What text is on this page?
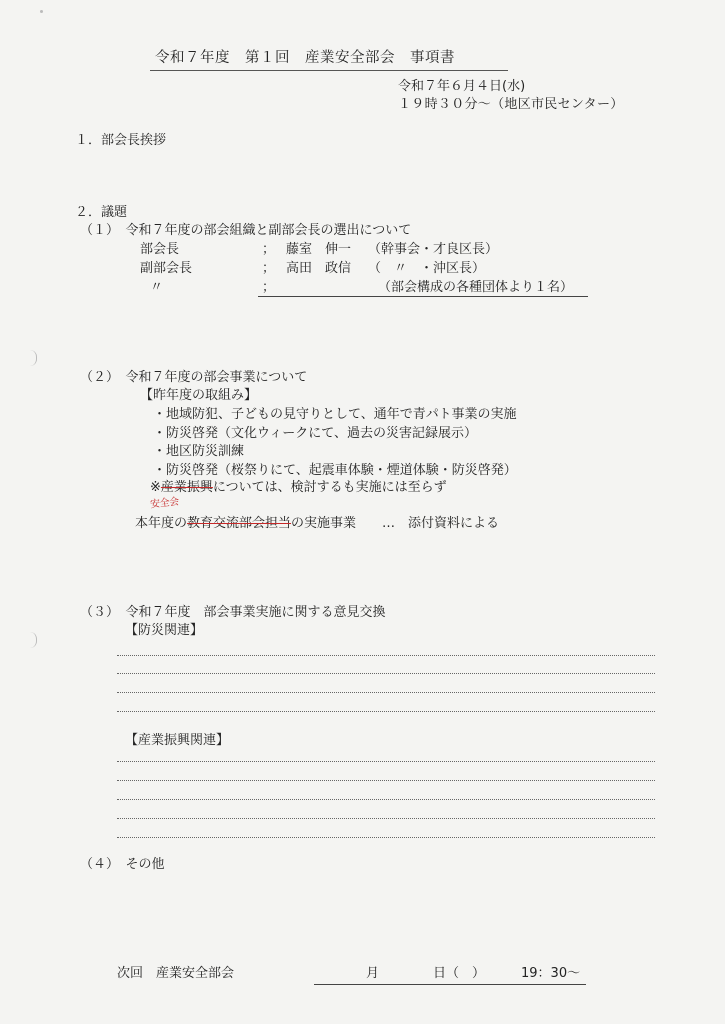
令和７年度　第１回　産業安全部会　事項書
令和７年６月４日(水)
１９時３０分～（地区市民センター）
１．部会長挨拶
２．議題
（１）　令和７年度の部会組織と副部会長の選出について
部会長	； 藤室　伸一 （幹事会・才良区長）
副部会長	； 高田　政信 （　〃　・沖区長）
〃	；	（部会構成の各種団体より１名）
（２）　令和７年度の部会事業について
【昨年度の取組み】
・地域防犯、子どもの見守りとして、通年で青パト事業の実施
・防災啓発（文化ウィークにて、過去の災害記録展示）
・地区防災訓練
・防災啓発（桜祭りにて、起震車体験・煙道体験・防災啓発）
※産業振興については、検討するも実施には至らず
安全会
本年度の教育交流部会担当の実施事業　　…　添付資料による
（３）　令和７年度　部会事業実施に関する意見交換
【防災関連】
【産業振興関連】
（４）　その他
次回　産業安全部会	月	日（　）	19：30～
